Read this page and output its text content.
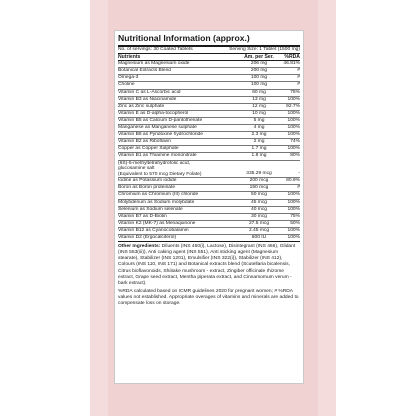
Nutritional Information (approx.)
No. of servings: 30 Coated Tablets	Serving Size: 1 Tablet (1500 mg)
Nutrients	Am. per Ser.	%RDA
Magnesium as Magnesium oxide	206 mg	46.81%
Botanical Extracts Blend	200 mg	#
Omega-3	100 mg	#
Choline	100 mg	#
Vitamin C as L-Ascorbic acid	60 mg	75%
Vitamin B3 as Niacinamide	13 mg	100%
Zinc as Zinc sulphate	12 mg	92.7%
Vitamin E as D-alpha-tocopherol	10 mg	100%
Vitamin B5 as Calcium D-pantothenate	5 mg	100%
Manganese as Manganese sulphate	4 mg	100%
Vitamin B6 as Pyridoxine hydrochloride	2.3 mg	100%
Vitamin B2 as Riboflavin	2 mg	74%
Copper as Copper Sulphate	1.7 mg	100%
Vitamin B1 as Thiamine mononitrate	1.8 mg	80%
(6S)-5-methyltetrahydrofolic acid,
glucosamine salt
(Equivalent to 570 mcg Dietary Folate)	335.29 mcg	-
Iodine as Potassium iodide	200 mcg	80.9%
Boron as Boron proteinate	150 mcg	#
Chromium as Chromium (III) chloride	50 mcg	100%
Molybdenum as Sodium molybdate	45 mcg	100%
Selenium as Sodium selenate	40 mcg	100%
Vitamin B7 as D-Biotin	30 mcg	75%
Vitamin K2 (MK-7) as Menaquinone	27.5 mcg	50%
Vitamin B12 as Cyanocobalamin	2.45 mcg	100%
Vitamin D2 (Ergocalciferol)	600 IU	100%
Other Ingredients: Diluents (INS 460(i), Lactose), Disintegrant (INS 466), Glidant (INS 553(iii)), Anti caking agent (INS 551), Anti sticking agent (Magnesium stearate), Stabilizer (INS 1201), Emulsifier (INS 322(i)), Stabilizer (INS 412), Colours (INS 110, INS 171) and Botanical extracts blend (Scutellaria bicalensis, Citrus bioflavonoids, Shiitake mushroom - extract, Zingiber officinale rhizome extract, Grape seed extract, Mentha piperata extract, and Cinnamomum verum - bark extract).
%RDA calculated based on ICMR guidelines 2020 for pregnant women; # %RDA values not established. Appropriate overages of vitamins and minerals are added to compensate loss on storage.
